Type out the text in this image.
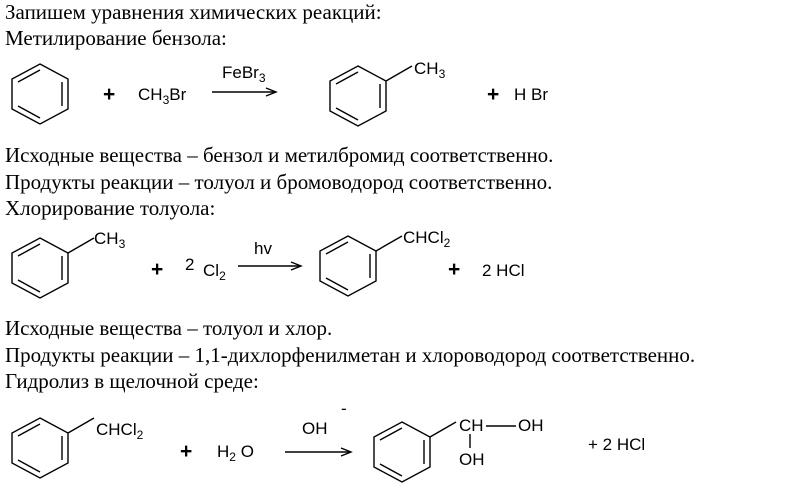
Запишем уравнения химических реакций:
Метилирование бензола:
Исходные вещества – бензол и метилбромид соответственно.
Продукты реакции – толуол и бромоводород соответственно.
Хлорирование толуола:
Исходные вещества – толуол и хлор.
Продукты реакции – 1,1-дихлорфенилметан и хлороводород соответственно.
Гидролиз в щелочной среде:
+ $CH_3Br$
FeBr$_3$	$CH_3$
+ H Br
$CH_3$
+ 2 $Cl_2$
hv
CHCl$_2$
+ 2 HCl
CHCl$_2$
+ $H_2$ O
OH
-
CH OH
OH
+ 2 HCl
